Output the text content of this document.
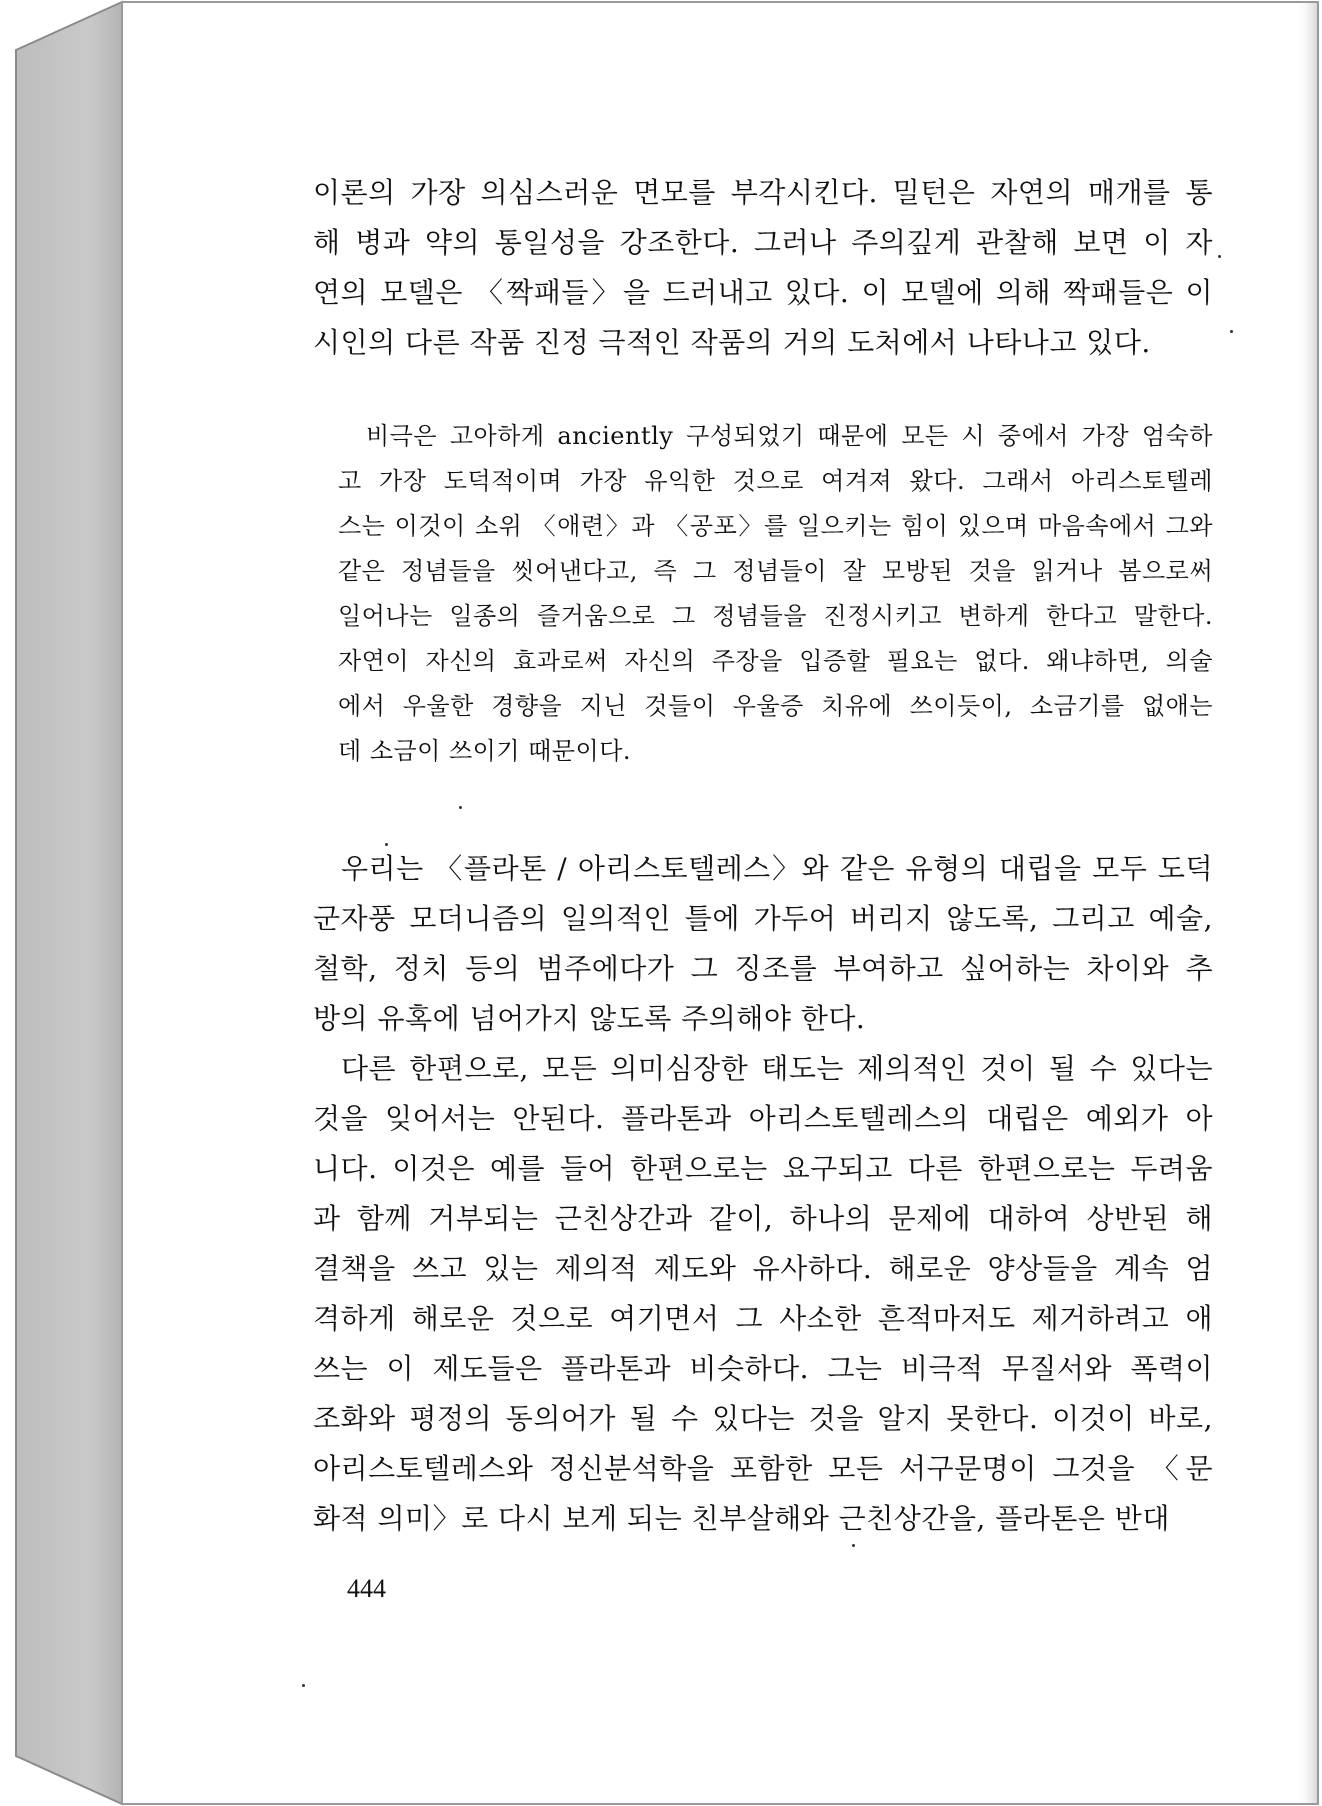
이론의 가장 의심스러운 면모를 부각시킨다. 밀턴은 자연의 매개를 통
해 병과 약의 통일성을 강조한다. 그러나 주의깊게 관찰해 보면 이 자
연의 모델은 〈짝패들〉을 드러내고 있다. 이 모델에 의해 짝패들은 이
시인의 다른 작품 진정 극적인 작품의 거의 도처에서 나타나고 있다.
비극은 고아하게 anciently 구성되었기 때문에 모든 시 중에서 가장 엄숙하
고 가장 도덕적이며 가장 유익한 것으로 여겨져 왔다. 그래서 아리스토텔레
스는 이것이 소위 〈애련〉과 〈공포〉를 일으키는 힘이 있으며 마음속에서 그와
같은 정념들을 씻어낸다고, 즉 그 정념들이 잘 모방된 것을 읽거나 봄으로써
일어나는 일종의 즐거움으로 그 정념들을 진정시키고 변하게 한다고 말한다.
자연이 자신의 효과로써 자신의 주장을 입증할 필요는 없다. 왜냐하면, 의술
에서 우울한 경향을 지닌 것들이 우울증 치유에 쓰이듯이, 소금기를 없애는
데 소금이 쓰이기 때문이다.
우리는 〈플라톤 / 아리스토텔레스〉와 같은 유형의 대립을 모두 도덕
군자풍 모더니즘의 일의적인 틀에 가두어 버리지 않도록, 그리고 예술,
철학, 정치 등의 범주에다가 그 징조를 부여하고 싶어하는 차이와 추
방의 유혹에 넘어가지 않도록 주의해야 한다.
다른 한편으로, 모든 의미심장한 태도는 제의적인 것이 될 수 있다는
것을 잊어서는 안된다. 플라톤과 아리스토텔레스의 대립은 예외가 아
니다. 이것은 예를 들어 한편으로는 요구되고 다른 한편으로는 두려움
과 함께 거부되는 근친상간과 같이, 하나의 문제에 대하여 상반된 해
결책을 쓰고 있는 제의적 제도와 유사하다. 해로운 양상들을 계속 엄
격하게 해로운 것으로 여기면서 그 사소한 흔적마저도 제거하려고 애
쓰는 이 제도들은 플라톤과 비슷하다. 그는 비극적 무질서와 폭력이
조화와 평정의 동의어가 될 수 있다는 것을 알지 못한다. 이것이 바로,
아리스토텔레스와 정신분석학을 포함한 모든 서구문명이 그것을 〈문
화적 의미〉로 다시 보게 되는 친부살해와 근친상간을, 플라톤은 반대
444
